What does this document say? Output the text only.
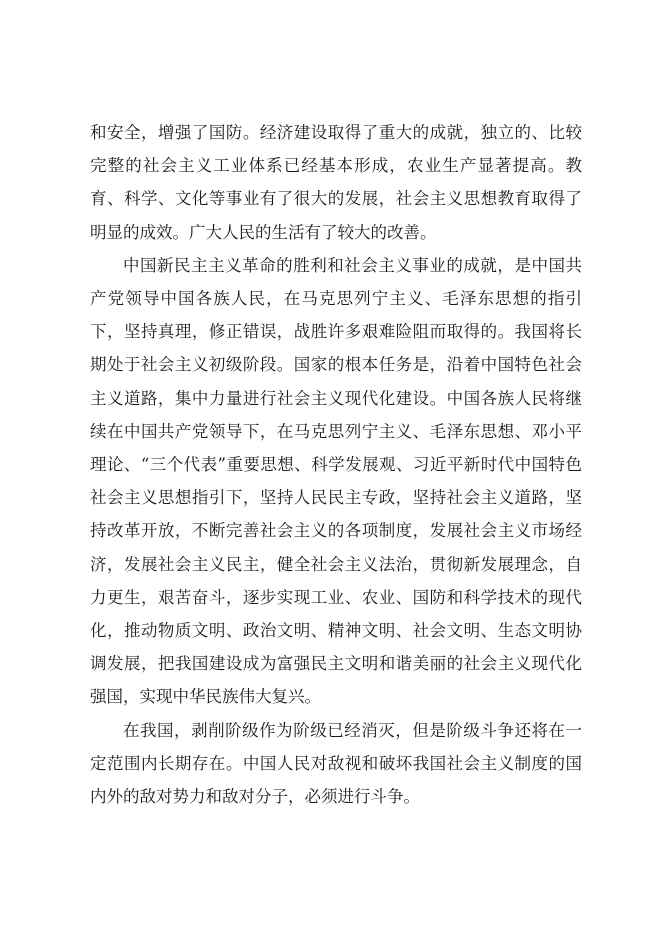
和安全，增强了国防。经济建设取得了重大的成就，独立的、比较完整的社会主义工业体系已经基本形成，农业生产显著提高。教育、科学、文化等事业有了很大的发展，社会主义思想教育取得了明显的成效。广大人民的生活有了较大的改善。

中国新民主主义革命的胜利和社会主义事业的成就，是中国共产党领导中国各族人民，在马克思列宁主义、毛泽东思想的指引下，坚持真理，修正错误，战胜许多艰难险阻而取得的。我国将长期处于社会主义初级阶段。国家的根本任务是，沿着中国特色社会主义道路，集中力量进行社会主义现代化建设。中国各族人民将继续在中国共产党领导下，在马克思列宁主义、毛泽东思想、邓小平理论、“三个代表”重要思想、科学发展观、习近平新时代中国特色社会主义思想指引下，坚持人民民主专政，坚持社会主义道路，坚持改革开放，不断完善社会主义的各项制度，发展社会主义市场经济，发展社会主义民主，健全社会主义法治，贯彻新发展理念，自力更生，艰苦奋斗，逐步实现工业、农业、国防和科学技术的现代化，推动物质文明、政治文明、精神文明、社会文明、生态文明协调发展，把我国建设成为富强民主文明和谐美丽的社会主义现代化强国，实现中华民族伟大复兴。

在我国，剥削阶级作为阶级已经消灭，但是阶级斗争还将在一定范围内长期存在。中国人民对敌视和破坏我国社会主义制度的国内外的敌对势力和敌对分子，必须进行斗争。
